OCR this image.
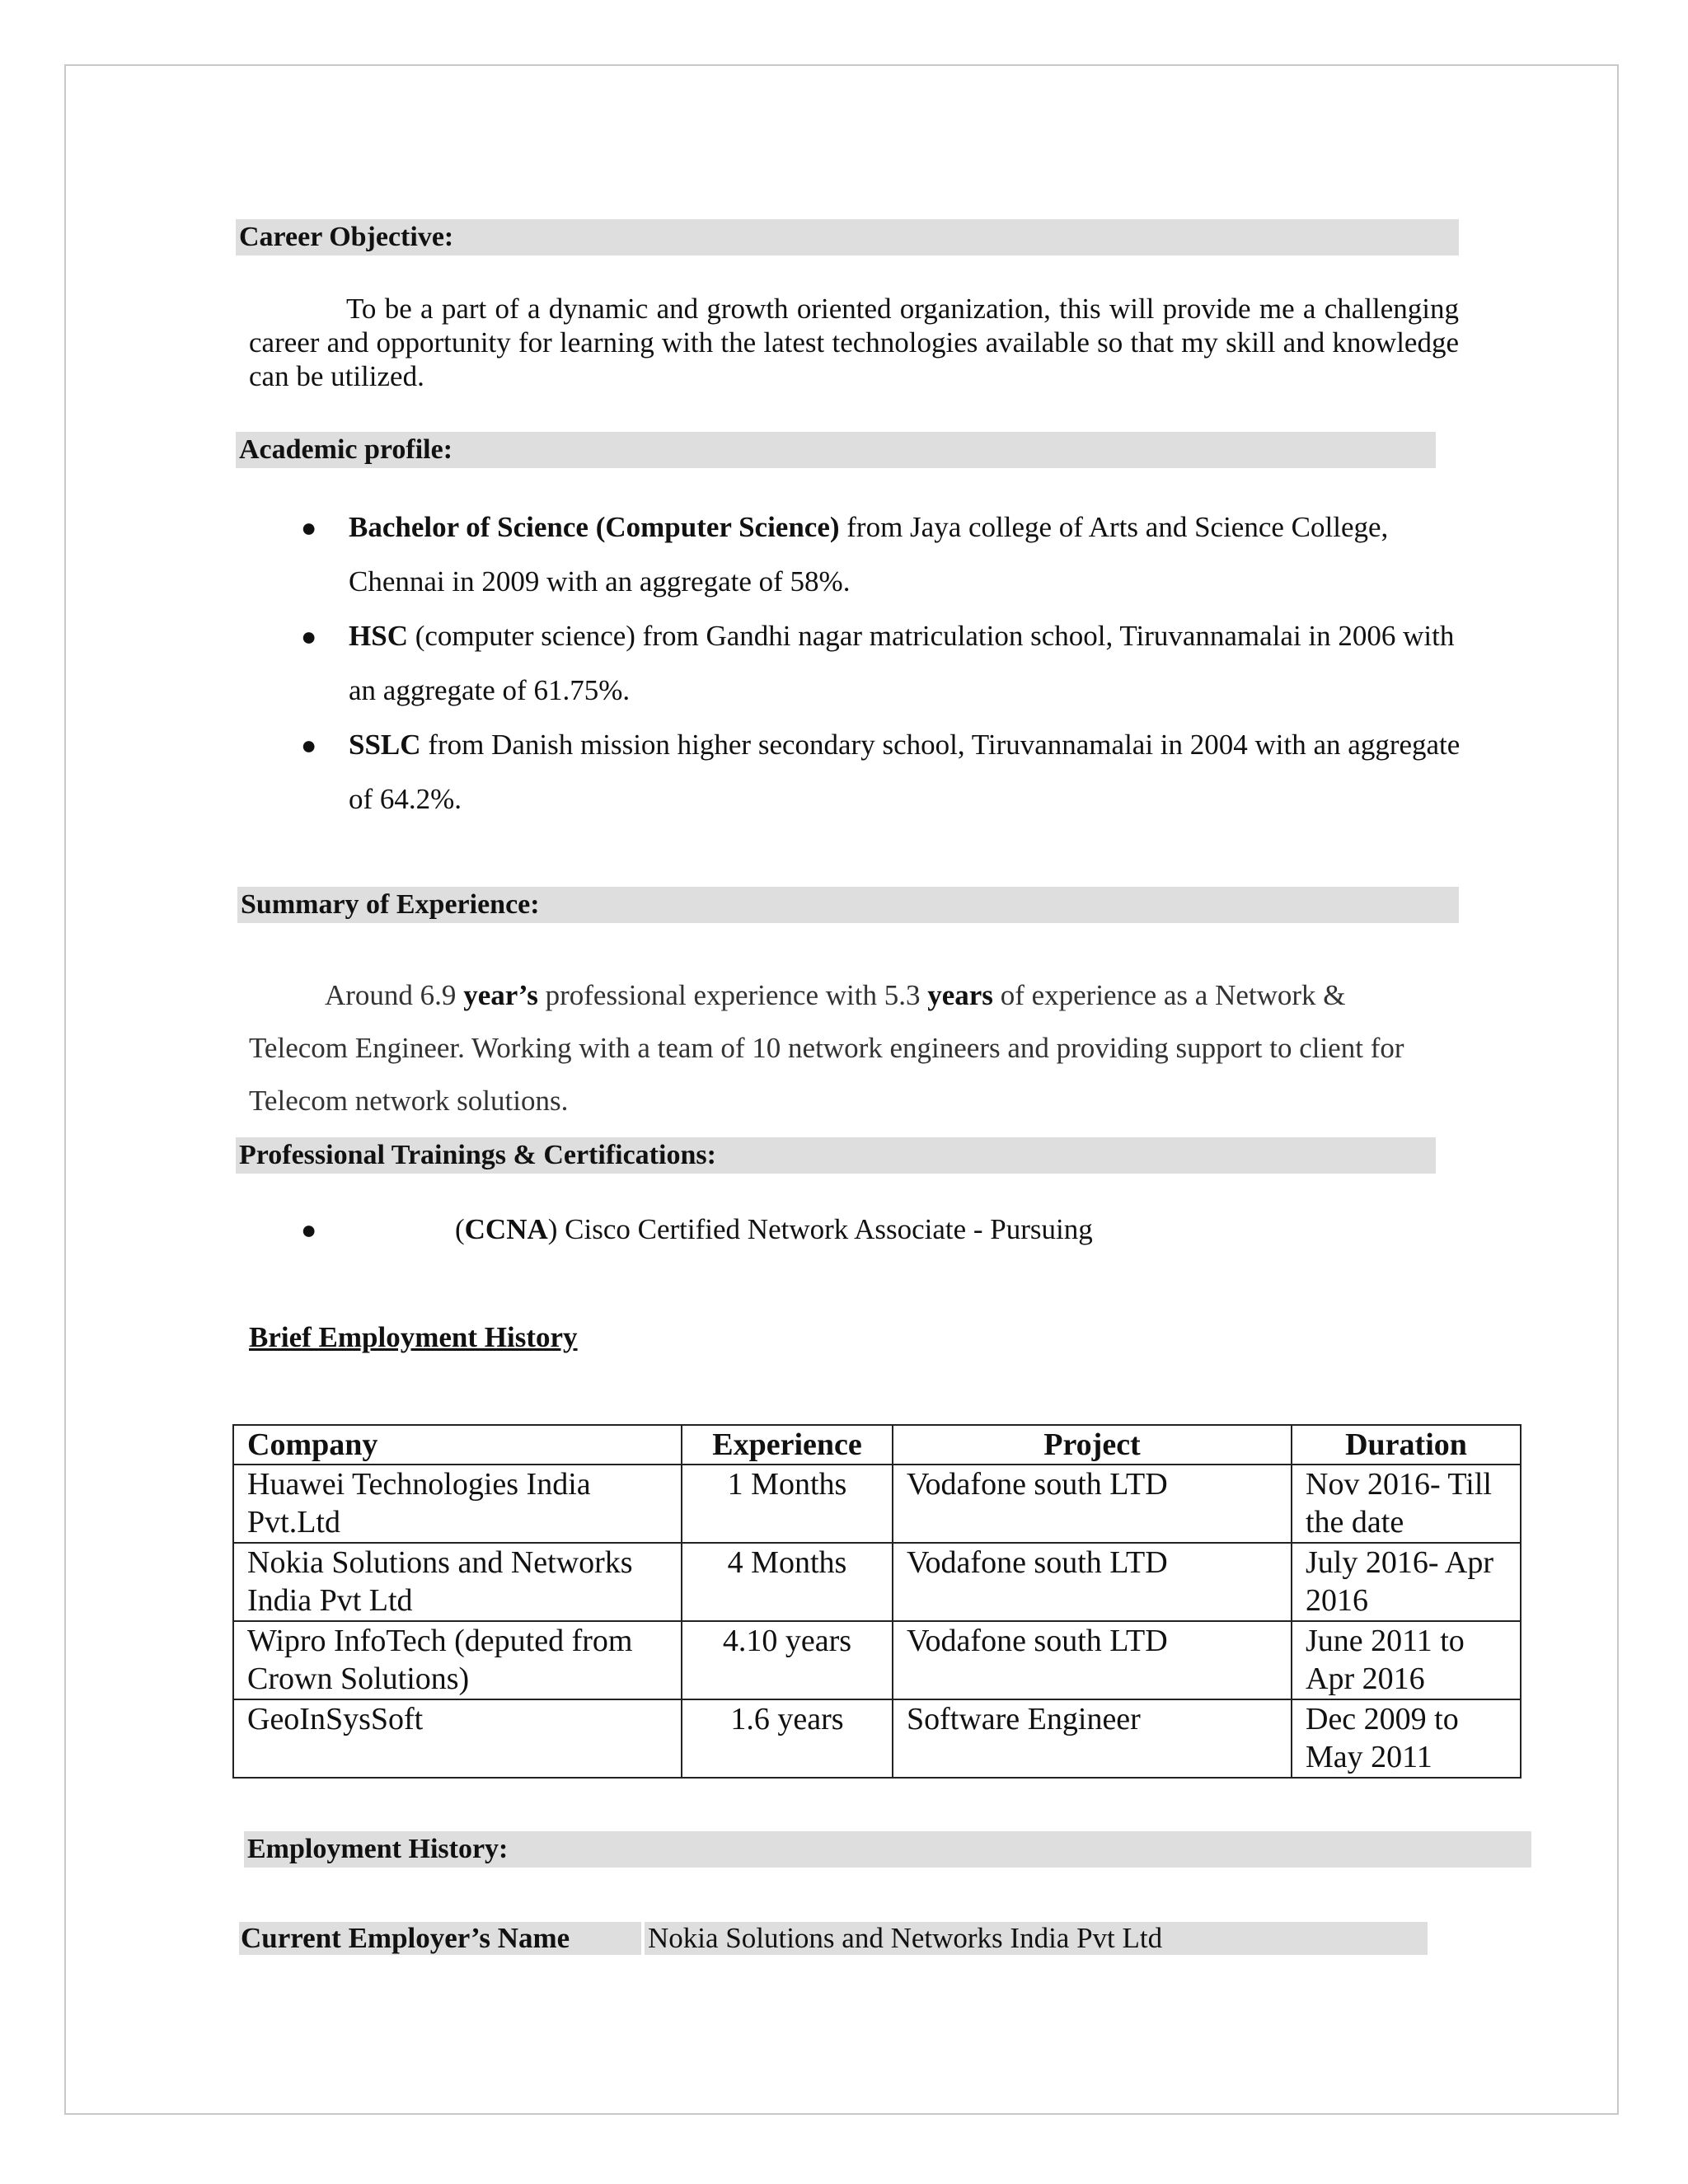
Career Objective:
To be a part of a dynamic and growth oriented organization, this will provide me a challenging career and opportunity for learning with the latest technologies available so that my skill and knowledge can be utilized.
Academic profile:
● Bachelor of Science (Computer Science) from Jaya college of Arts and Science College, Chennai in 2009 with an aggregate of 58%.
● HSC (computer science) from Gandhi nagar matriculation school, Tiruvannamalai in 2006 with an aggregate of 61.75%.
● SSLC from Danish mission higher secondary school, Tiruvannamalai in 2004 with an aggregate of 64.2%.
Summary of Experience:
Around 6.9 year’s professional experience with 5.3 years of experience as a Network & Telecom Engineer. Working with a team of 10 network engineers and providing support to client for Telecom network solutions.
Professional Trainings & Certifications:
●	(CCNA) Cisco Certified Network Associate - Pursuing
Brief Employment History
Company	Experience	Project	Duration
Huawei Technologies India Pvt.Ltd	1 Months	Vodafone south LTD	Nov 2016- Till the date
Nokia Solutions and Networks India Pvt Ltd	4 Months	Vodafone south LTD	July 2016- Apr 2016
Wipro InfoTech (deputed from Crown Solutions)	4.10 years	Vodafone south LTD	June 2011 to Apr 2016
GeoInSysSoft	1.6 years	Software Engineer	Dec 2009 to May 2011
Employment History:
Current Employer’s Name	Nokia Solutions and Networks India Pvt Ltd
